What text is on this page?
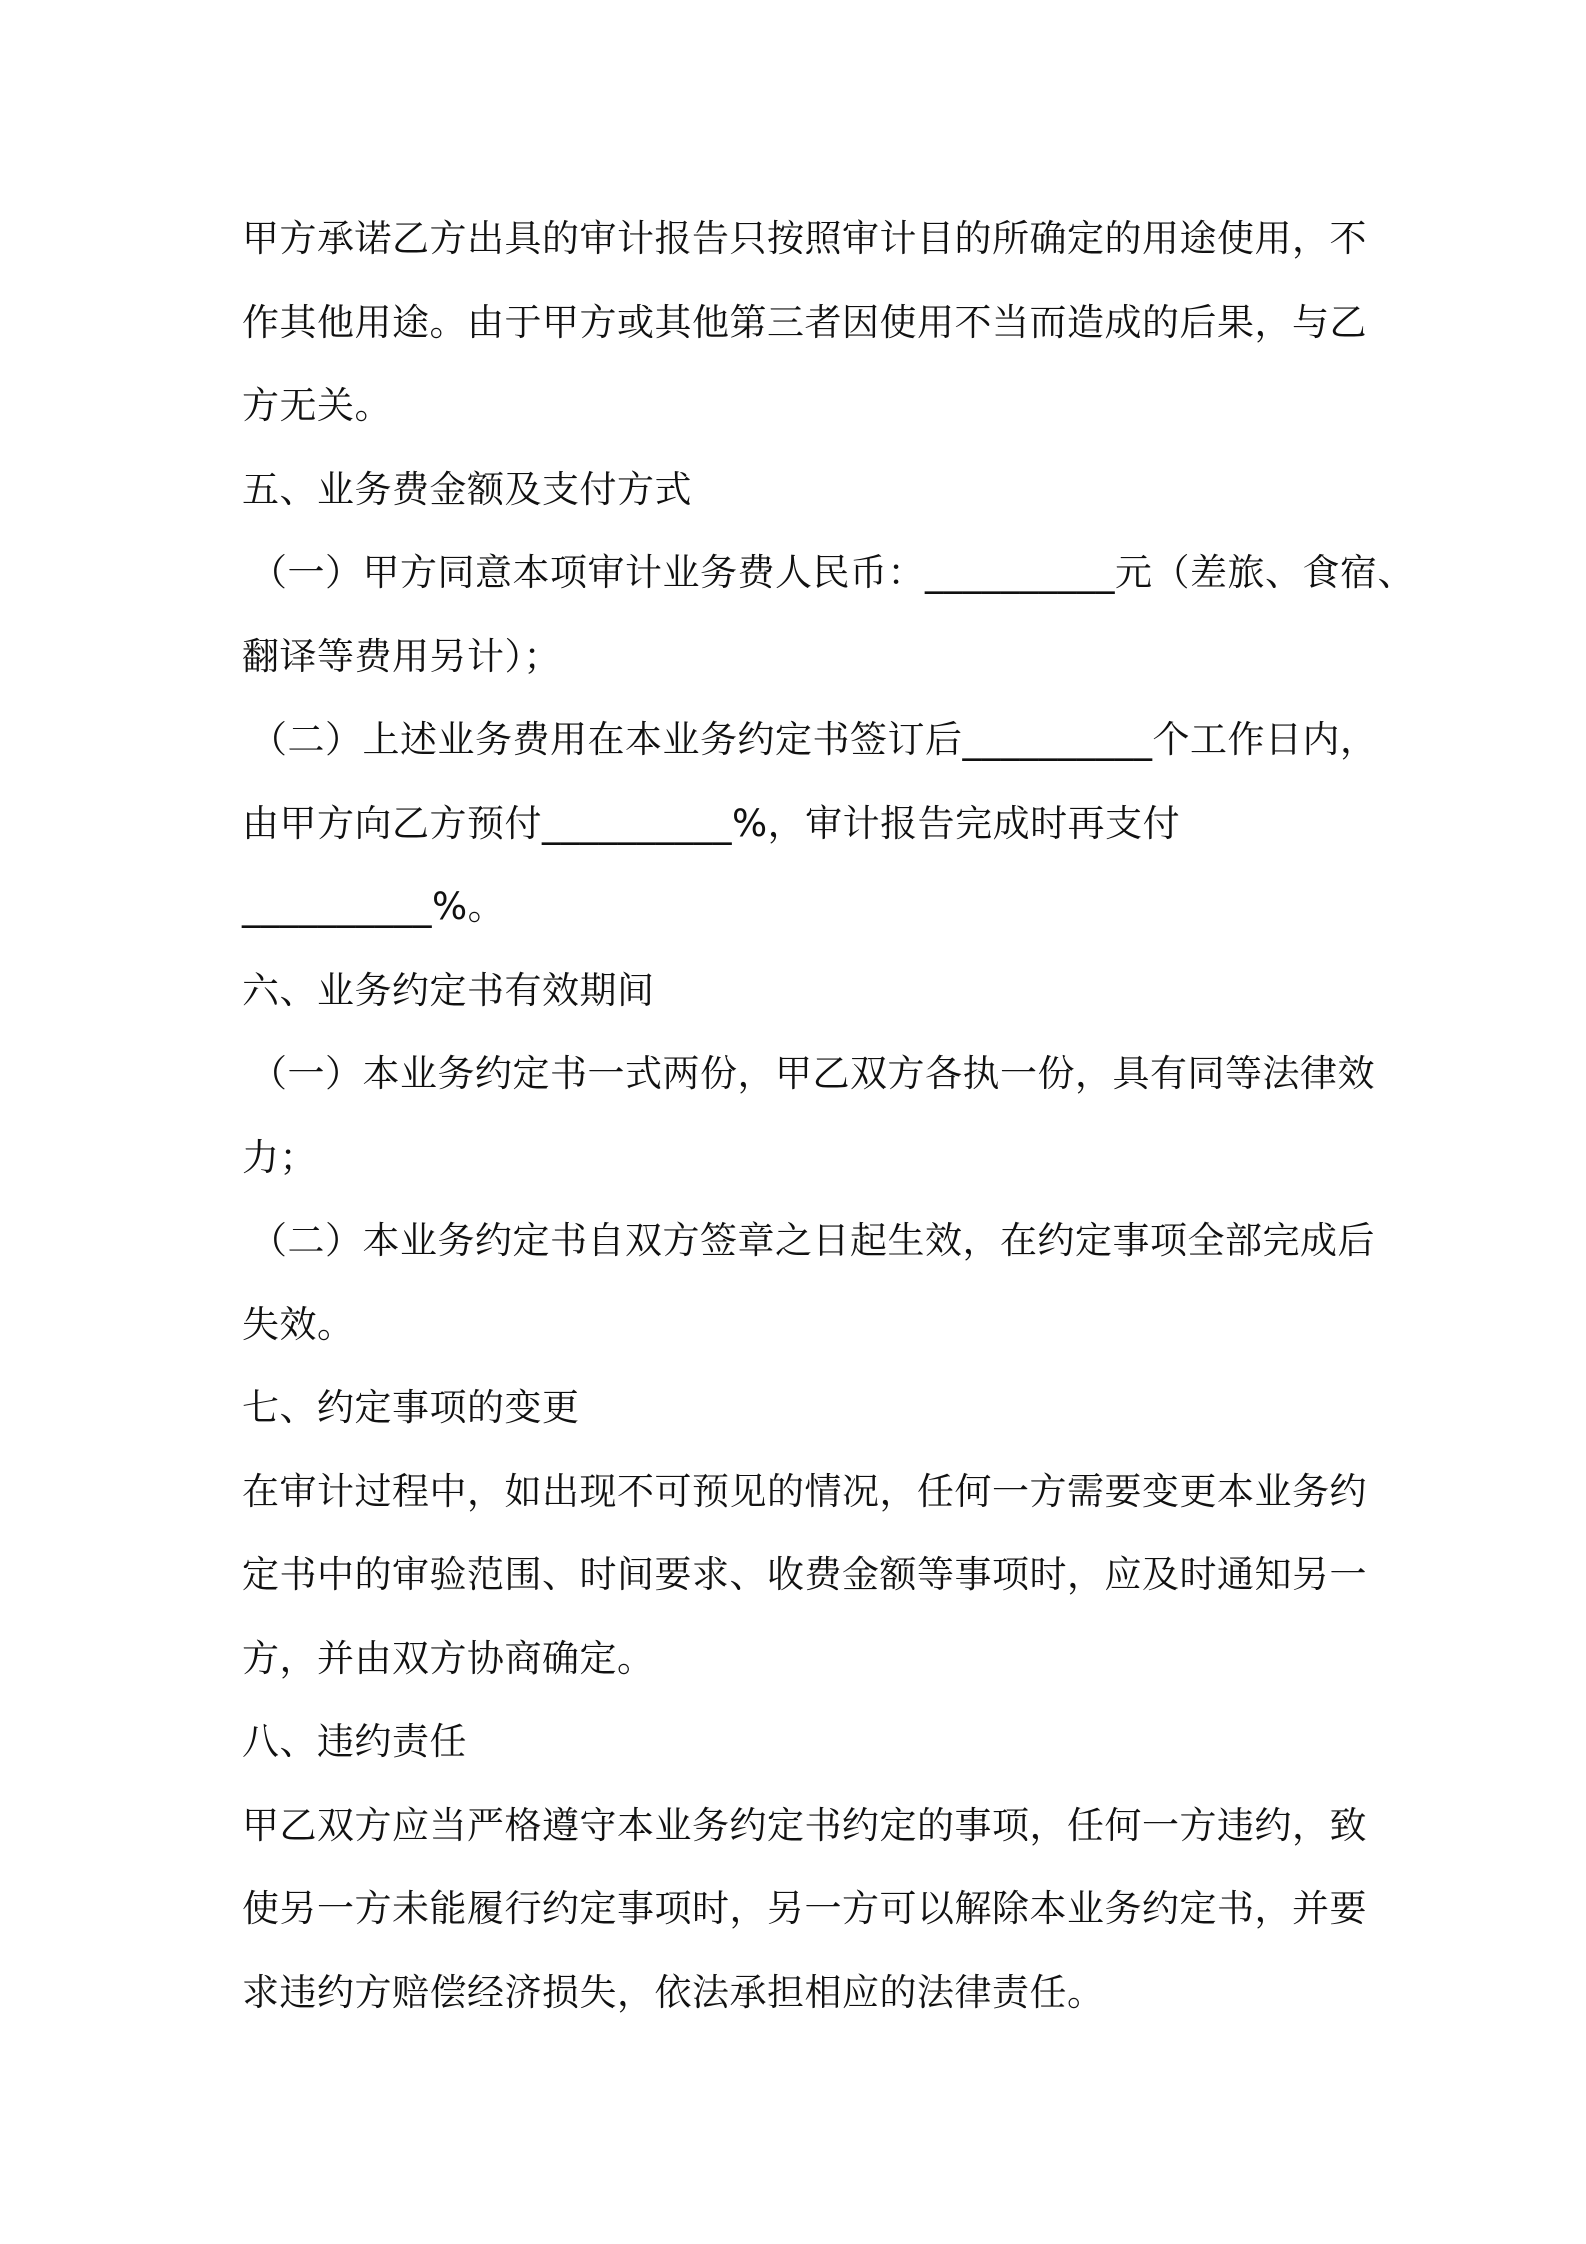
甲方承诺乙方出具的审计报告只按照审计目的所确定的用途使用，不
作其他用途。由于甲方或其他第三者因使用不当而造成的后果，与乙
方无关。
五、业务费金额及支付方式
（一）甲方同意本项审计业务费人民币：__________元（差旅、食宿、
翻译等费用另计）；
（二）上述业务费用在本业务约定书签订后__________个工作日内，
由甲方向乙方预付__________%，审计报告完成时再支付
__________%。
六、业务约定书有效期间
（一）本业务约定书一式两份，甲乙双方各执一份，具有同等法律效
力；
（二）本业务约定书自双方签章之日起生效，在约定事项全部完成后
失效。
七、约定事项的变更
在审计过程中，如出现不可预见的情况，任何一方需要变更本业务约
定书中的审验范围、时间要求、收费金额等事项时，应及时通知另一
方，并由双方协商确定。
八、违约责任
甲乙双方应当严格遵守本业务约定书约定的事项，任何一方违约，致
使另一方未能履行约定事项时，另一方可以解除本业务约定书，并要
求违约方赔偿经济损失，依法承担相应的法律责任。
